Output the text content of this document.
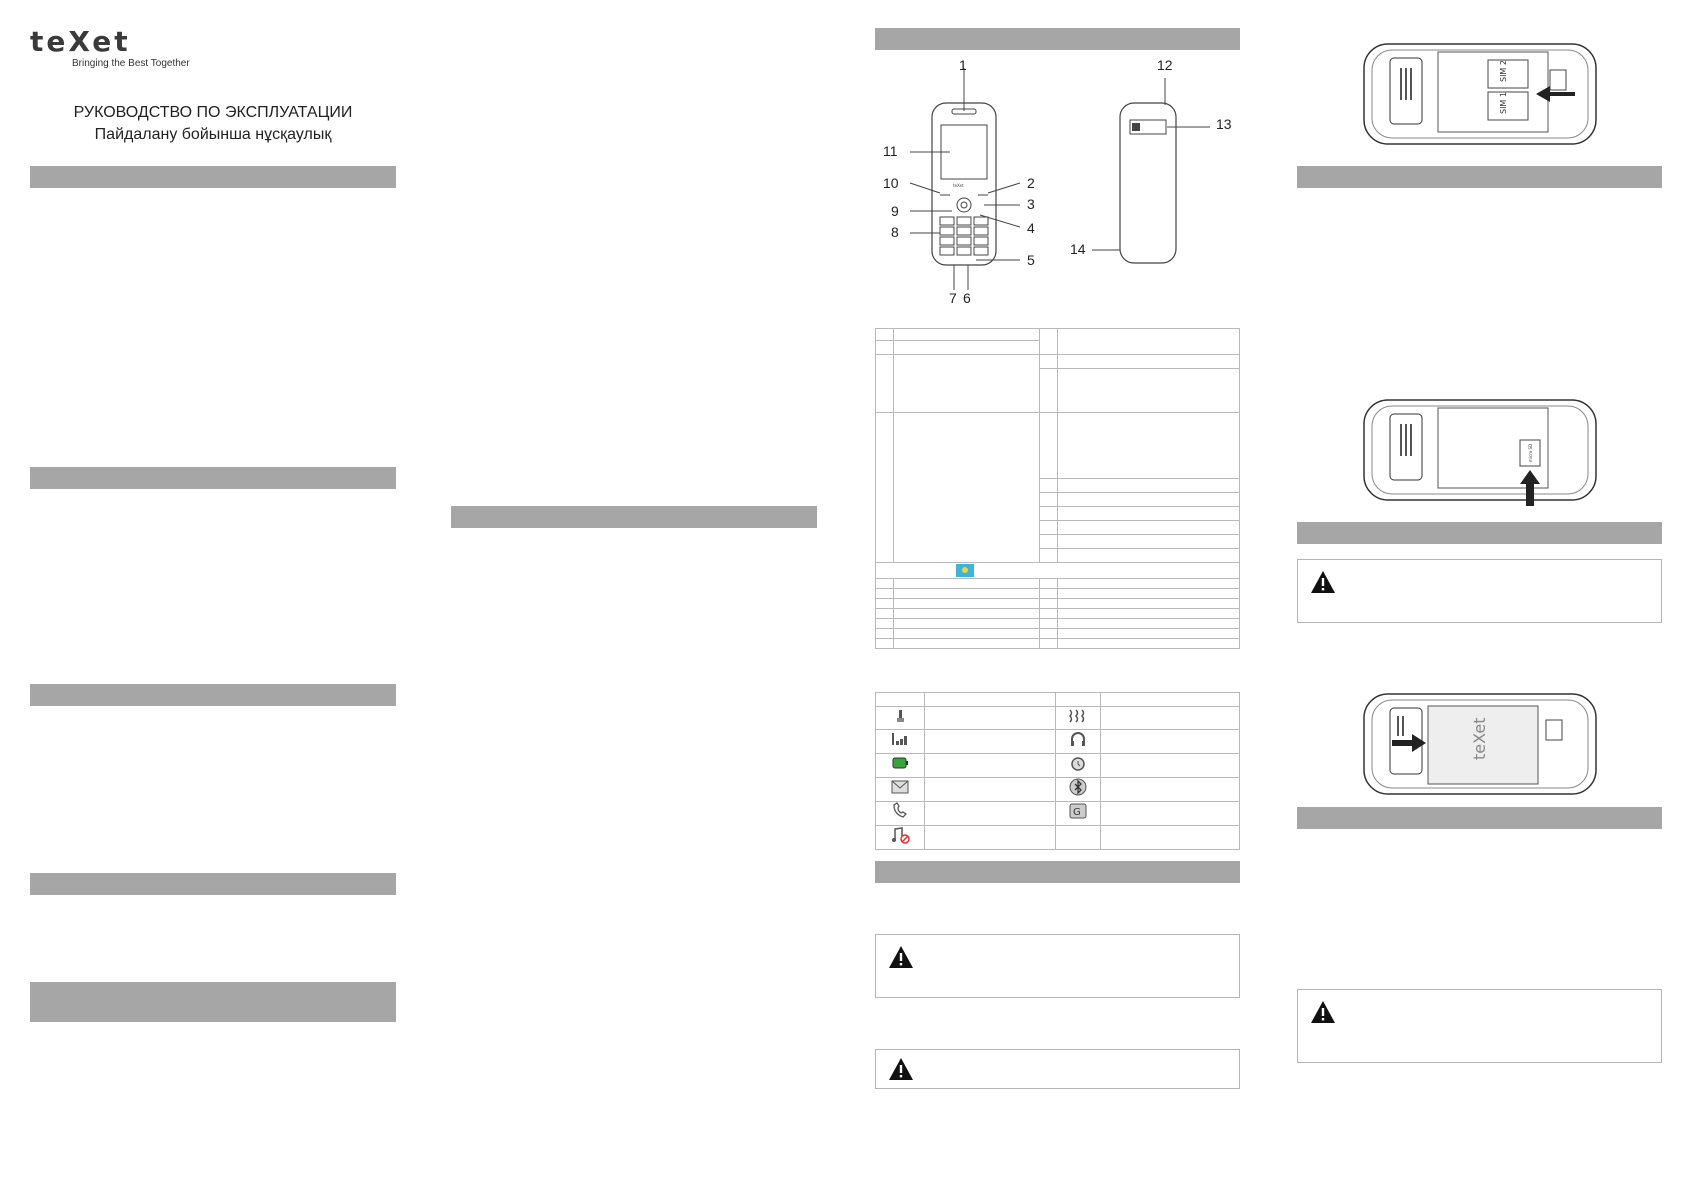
teXet
Bringing the Best Together
РУКОВОДСТВО ПО ЭКСПЛУАТАЦИИ
Пайдалану бойынша нұсқаулық
teXet
1
2
3
4
5
6
7
8
9
10
11
12
13
14

G	

SIM 2
SIM 1
micro SD
teXet
